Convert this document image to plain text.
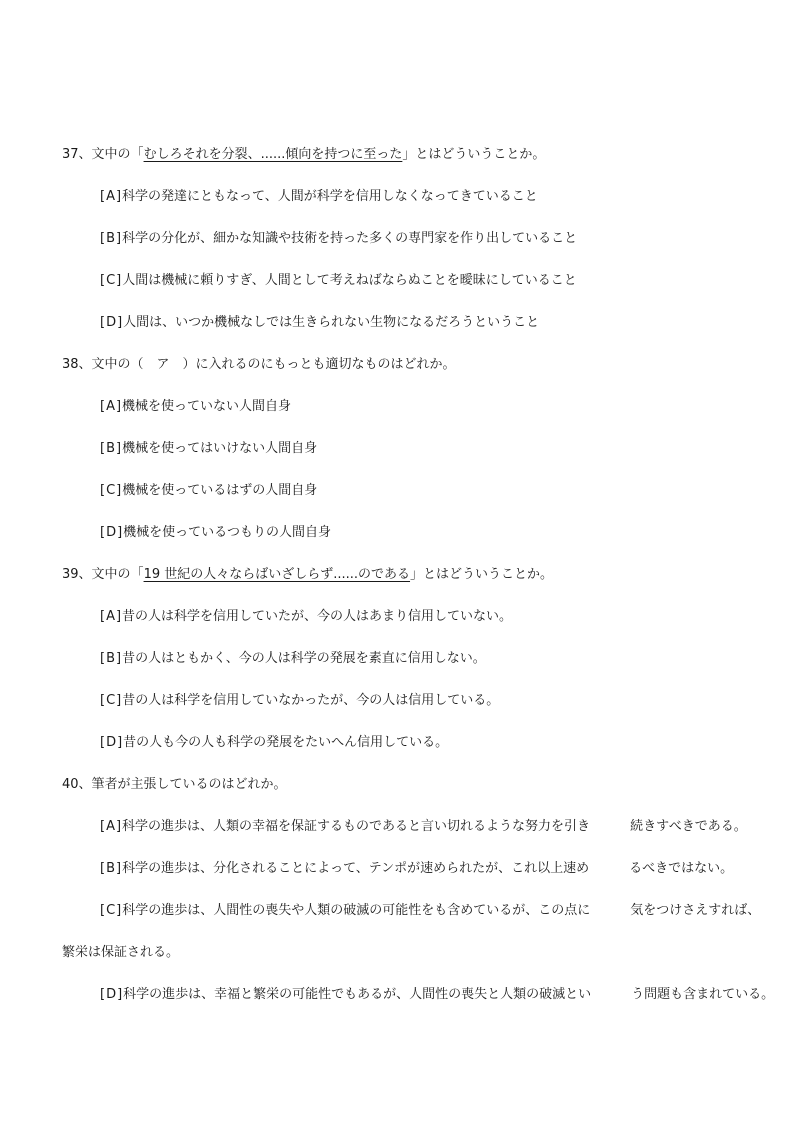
37、文中の「むしろそれを分裂、......傾向を持つに至った」とはどういうことか。
[A]科学の発達にともなって、人間が科学を信用しなくなってきていること
[B]科学の分化が、細かな知識や技術を持った多くの専門家を作り出していること
[C]人間は機械に頼りすぎ、人間として考えねばならぬことを曖昧にしていること
[D]人間は、いつか機械なしでは生きられない生物になるだろうということ
38、文中の（　ア　）に入れるのにもっとも適切なものはどれか。
[A]機械を使っていない人間自身
[B]機械を使ってはいけない人間自身
[C]機械を使っているはずの人間自身
[D]機械を使っているつもりの人間自身
39、文中の「19 世紀の人々ならばいざしらず......のである」とはどういうことか。
[A]昔の人は科学を信用していたが、今の人はあまり信用していない。
[B]昔の人はともかく、今の人は科学の発展を素直に信用しない。
[C]昔の人は科学を信用していなかったが、今の人は信用している。
[D]昔の人も今の人も科学の発展をたいへん信用している。
40、筆者が主張しているのはどれか。
[A]科学の進歩は、人類の幸福を保証するものであると言い切れるような努力を引き	続きすべきである。
[B]科学の進歩は、分化されることによって、テンポが速められたが、これ以上速め	るべきではない。
[C]科学の進歩は、人間性の喪失や人類の破滅の可能性をも含めているが、この点に	気をつけさえすれば、
繁栄は保証される。
[D]科学の進歩は、幸福と繁栄の可能性でもあるが、人間性の喪失と人類の破滅とい	う問題も含まれている。
